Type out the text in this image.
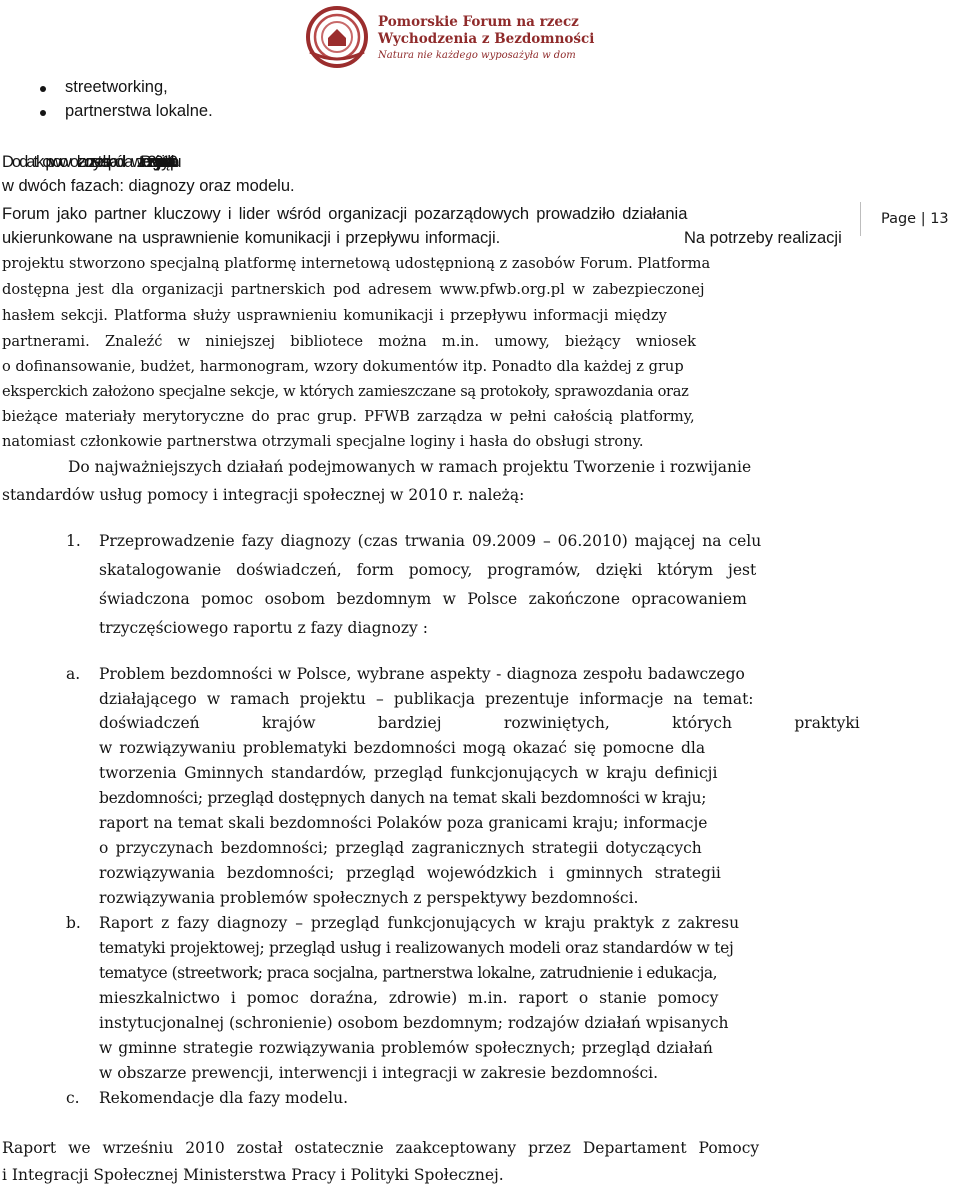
Pomorskie Forum na rzecz
Wychodzenia z Bezdomności
Natura nie każdego wyposażyła w dom
Page | 13
streetworking,
partnerstwa lokalne.
Dodatkowo powołany został zespół badawczy. Praca grup i zespołu w 2010 r. toczyła się
w dwóch fazach: diagnozy oraz modelu.
Forum jako partner kluczowy i lider wśród organizacji pozarządowych prowadziło działania
ukierunkowane na usprawnienie komunikacji i przepływu informacji.	Na potrzeby realizacji
projektu stworzono specjalną platformę internetową udostępnioną z zasobów Forum. Platforma
dostępna jest dla organizacji partnerskich pod adresem www.pfwb.org.pl w zabezpieczonej
hasłem sekcji. Platforma służy usprawnieniu komunikacji i przepływu informacji między
partnerami. Znaleźć w niniejszej bibliotece można m.in. umowy, bieżący wniosek
o dofinansowanie, budżet, harmonogram, wzory dokumentów itp. Ponadto dla każdej z grup
eksperckich założono specjalne sekcje, w których zamieszczane są protokoły, sprawozdania oraz
bieżące materiały merytoryczne do prac grup. PFWB zarządza w pełni całością platformy,
natomiast członkowie partnerstwa otrzymali specjalne loginy i hasła do obsługi strony.
Do najważniejszych działań podejmowanych w ramach projektu Tworzenie i rozwijanie
standardów usług pomocy i integracji społecznej w 2010 r. należą:
1. Przeprowadzenie fazy diagnozy (czas trwania 09.2009 – 06.2010) mającej na celu
skatalogowanie doświadczeń, form pomocy, programów, dzięki którym jest
świadczona pomoc osobom bezdomnym w Polsce zakończone opracowaniem
trzyczęściowego raportu z fazy diagnozy :
a. Problem bezdomności w Polsce, wybrane aspekty - diagnoza zespołu badawczego
działającego w ramach projektu – publikacja prezentuje informacje na temat:
doświadczeń krajów bardziej rozwiniętych, których praktyki
w rozwiązywaniu problematyki bezdomności mogą okazać się pomocne dla
tworzenia Gminnych standardów, przegląd funkcjonujących w kraju definicji
bezdomności; przegląd dostępnych danych na temat skali bezdomności w kraju;
raport na temat skali bezdomności Polaków poza granicami kraju; informacje
o przyczynach bezdomności; przegląd zagranicznych strategii dotyczących
rozwiązywania bezdomności; przegląd wojewódzkich i gminnych strategii
rozwiązywania problemów społecznych z perspektywy bezdomności.
b. Raport z fazy diagnozy – przegląd funkcjonujących w kraju praktyk z zakresu
tematyki projektowej; przegląd usług i realizowanych modeli oraz standardów w tej
tematyce (streetwork; praca socjalna, partnerstwa lokalne, zatrudnienie i edukacja,
mieszkalnictwo i pomoc doraźna, zdrowie) m.in. raport o stanie pomocy
instytucjonalnej (schronienie) osobom bezdomnym; rodzajów działań wpisanych
w gminne strategie rozwiązywania problemów społecznych; przegląd działań
w obszarze prewencji, interwencji i integracji w zakresie bezdomności.
c. Rekomendacje dla fazy modelu.
Raport we wrześniu 2010 został ostatecznie zaakceptowany przez Departament Pomocy
i Integracji Społecznej Ministerstwa Pracy i Polityki Społecznej.
